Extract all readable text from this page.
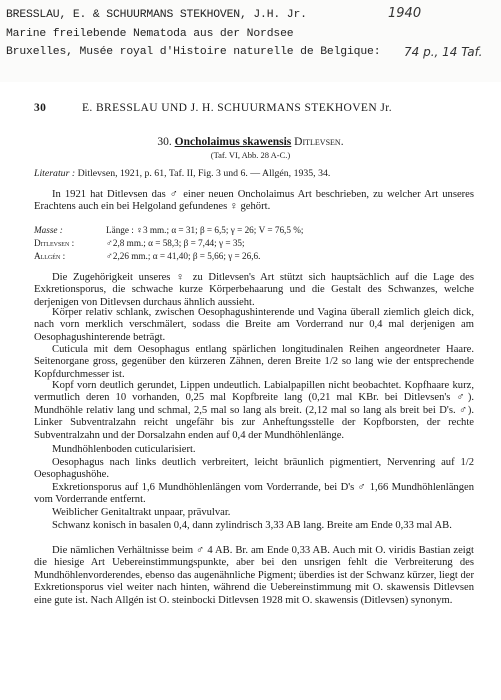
BRESSLAU, E. & SCHUURMANS STEKHOVEN, J.H. Jr.	1940
Marine freilebende Nematoda aus der Nordsee
Bruxelles, Musée royal d'Histoire naturelle de Belgique: 74 p., 14 Taf.
30	E. BRESSLAU UND J. H. SCHUURMANS STEKHOVEN Jr.
30. Oncholaimus skawensis Ditlevsen.
(Taf. VI, Abb. 28 A-C.)
Literatur : Ditlevsen, 1921, p. 61, Taf. II, Fig. 3 und 6. — Allgén, 1935, 34.

In 1921 hat Ditlevsen das ♂ einer neuen Oncholaimus Art beschrieben, zu welcher Art unseres Erachtens auch ein bei Helgoland gefundenes ♀ gehört.

Masse :	Länge : ♀3 mm.; α = 31; β = 6,5; γ = 26; V = 76,5 %;
Ditlevsen :	♂2,8 mm.; α = 58,3; β = 7,44; γ = 35;
Allgén :	♂2,26 mm.; α = 41,40; β = 5,66; γ = 26,6.

Die Zugehörigkeit unseres ♀ zu Ditlevsen's Art stützt sich hauptsächlich auf die Lage des Exkretionsporus, die schwache kurze Körperbehaarung und die Gestalt des Schwanzes, welche derjenigen von Ditlevsen durchaus ähnlich aussieht.

Körper relativ schlank, zwischen Oesophagushinterende und Vagina überall ziemlich gleich dick, nach vorn merklich verschmälert, sodass die Breite am Vorderrand nur 0,4 mal derjenigen am Oesophagushinterende beträgt.

Cuticula mit dem Oesophagus entlang spärlichen longitudinalen Reihen angeordneter Haare. Seitenorgane gross, gegenüber den kürzeren Zähnen, deren Breite 1/2 so lang wie der entsprechende Kopfdurchmesser ist.

Kopf vorn deutlich gerundet, Lippen undeutlich. Labialpapillen nicht beobachtet. Kopfhaare kurz, vermutlich deren 10 vorhanden, 0,25 mal Kopfbreite lang (0,21 mal KBr. bei Ditlevsen's ♂). Mundhöhle relativ lang und schmal, 2,5 mal so lang als breit. (2,12 mal so lang als breit bei D's. ♂). Linker Subventralzahn reicht ungefähr bis zur Anheftungsstelle der Kopfborsten, der rechte Subventralzahn und der Dorsalzahn enden auf 0,4 der Mundhöhlenlänge.

Mundhöhlenboden cuticularisiert.

Oesophagus nach links deutlich verbreitert, leicht bräunlich pigmentiert, Nervenring auf 1/2 Oesophagushöhe.

Exkretionsporus auf 1,6 Mundhöhlenlängen vom Vorderrande, bei D's ♂ 1,66 Mundhöhlenlängen vom Vorderrande entfernt.

Weiblicher Genitaltrakt unpaar, prävulvar.

Schwanz konisch in basalen 0,4, dann zylindrisch 3,33 AB lang. Breite am Ende 0,33 mal AB.

Die nämlichen Verhältnisse beim ♂ 4 AB. Br. am Ende 0,33 AB. Auch mit O. viridis Bastian zeigt die hiesige Art Uebereinstimmungspunkte, aber bei den unsrigen fehlt die Verbreiterung des Mundhöhlenvorderendes, ebenso das augenähnliche Pigment; überdies ist der Schwanz kürzer, liegt der Exkretionsporus viel weiter nach hinten, während die Uebereinstimmung mit O. skawensis Ditlevsen eine gute ist. Nach Allgén ist O. steinbocki Ditlevsen 1928 mit O. skawensis (Ditlevsen) synonym.
